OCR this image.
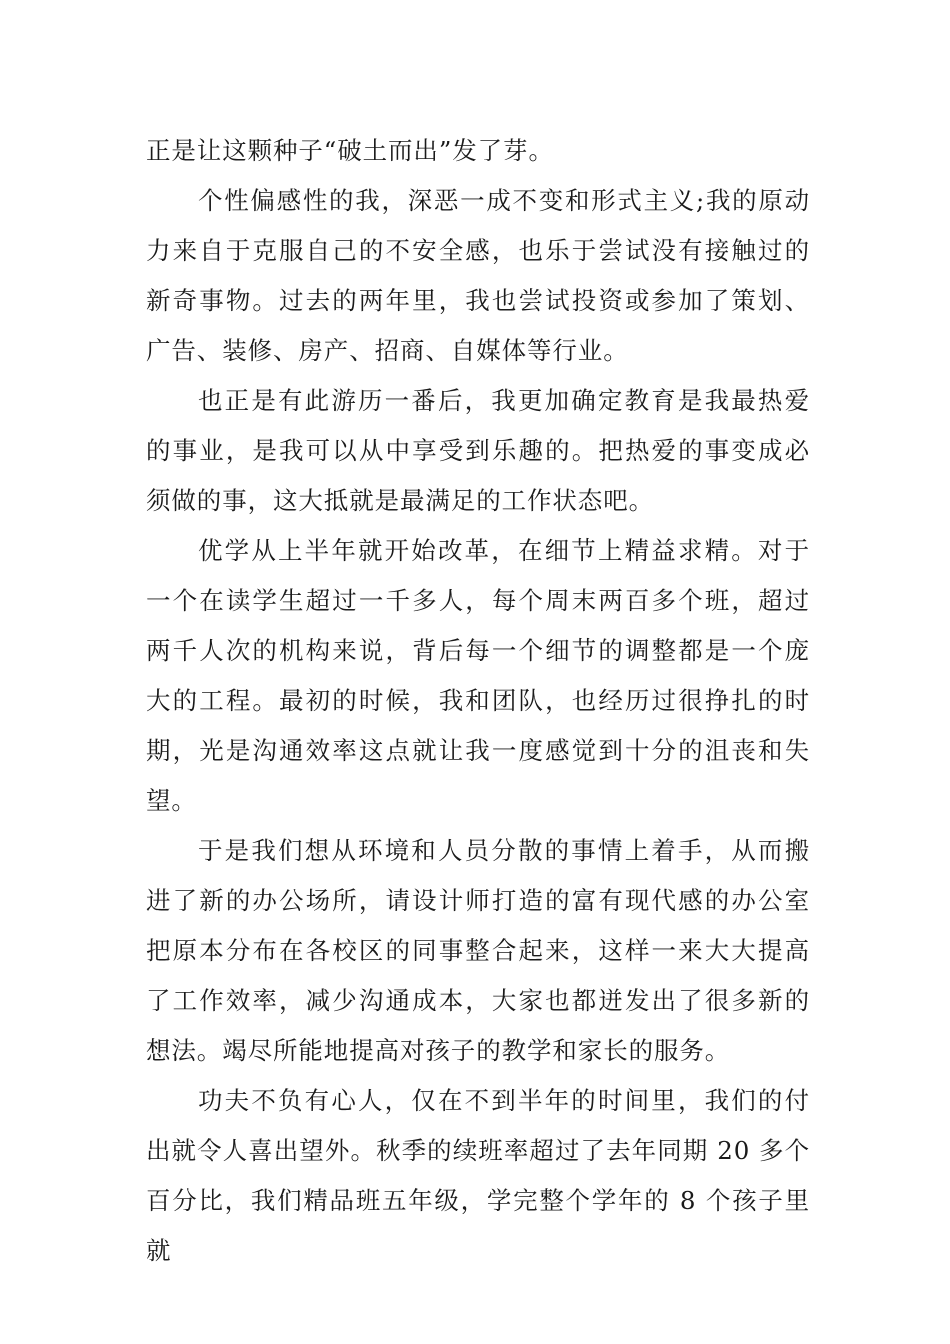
正是让这颗种子“破土而出”发了芽。
个性偏感性的我，深恶一成不变和形式主义;我的原动
力来自于克服自己的不安全感，也乐于尝试没有接触过的
新奇事物。过去的两年里，我也尝试投资或参加了策划、
广告、装修、房产、招商、自媒体等行业。
也正是有此游历一番后，我更加确定教育是我最热爱
的事业，是我可以从中享受到乐趣的。把热爱的事变成必
须做的事，这大抵就是最满足的工作状态吧。
优学从上半年就开始改革，在细节上精益求精。对于
一个在读学生超过一千多人，每个周末两百多个班，超过
两千人次的机构来说，背后每一个细节的调整都是一个庞
大的工程。最初的时候，我和团队，也经历过很挣扎的时
期，光是沟通效率这点就让我一度感觉到十分的沮丧和失
望。
于是我们想从环境和人员分散的事情上着手，从而搬
进了新的办公场所，请设计师打造的富有现代感的办公室
把原本分布在各校区的同事整合起来，这样一来大大提高
了工作效率，减少沟通成本，大家也都迸发出了很多新的
想法。竭尽所能地提高对孩子的教学和家长的服务。
功夫不负有心人，仅在不到半年的时间里，我们的付
出就令人喜出望外。秋季的续班率超过了去年同期 20 多个
百分比，我们精品班五年级，学完整个学年的 8 个孩子里就
